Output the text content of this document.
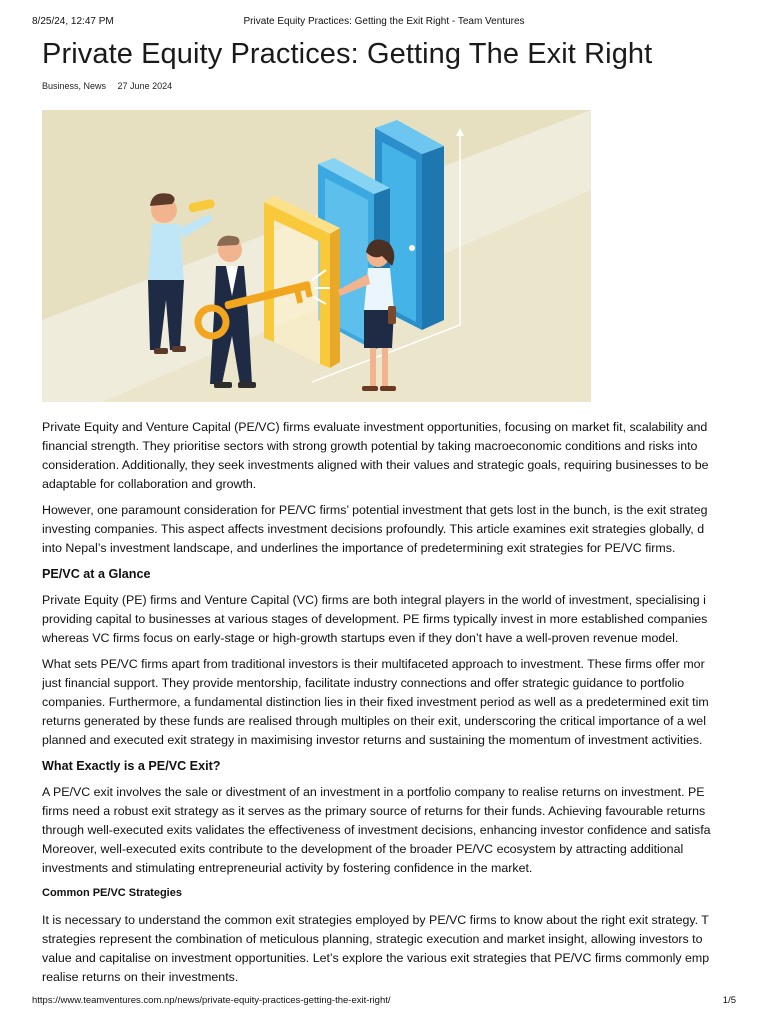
8/25/24, 12:47 PM	Private Equity Practices: Getting the Exit Right - Team Ventures
Private Equity Practices: Getting The Exit Right
Business, News 27 June 2024

Private Equity and Venture Capital (PE/VC) firms evaluate investment opportunities, focusing on market fit, scalability and
financial strength. They prioritise sectors with strong growth potential by taking macroeconomic conditions and risks into
consideration. Additionally, they seek investments aligned with their values and strategic goals, requiring businesses to be
adaptable for collaboration and growth.

However, one paramount consideration for PE/VC firms’ potential investment that gets lost in the bunch, is the exit strateg
investing companies. This aspect affects investment decisions profoundly. This article examines exit strategies globally, d
into Nepal’s investment landscape, and underlines the importance of predetermining exit strategies for PE/VC firms.

PE/VC at a Glance

Private Equity (PE) firms and Venture Capital (VC) firms are both integral players in the world of investment, specialising i
providing capital to businesses at various stages of development. PE firms typically invest in more established companies
whereas VC firms focus on early-stage or high-growth startups even if they don’t have a well-proven revenue model.

What sets PE/VC firms apart from traditional investors is their multifaceted approach to investment. These firms offer mor
just financial support. They provide mentorship, facilitate industry connections and offer strategic guidance to portfolio
companies. Furthermore, a fundamental distinction lies in their fixed investment period as well as a predetermined exit tim
returns generated by these funds are realised through multiples on their exit, underscoring the critical importance of a wel
planned and executed exit strategy in maximising investor returns and sustaining the momentum of investment activities.

What Exactly is a PE/VC Exit?

A PE/VC exit involves the sale or divestment of an investment in a portfolio company to realise returns on investment. PE
firms need a robust exit strategy as it serves as the primary source of returns for their funds. Achieving favourable returns
through well-executed exits validates the effectiveness of investment decisions, enhancing investor confidence and satisfa
Moreover, well-executed exits contribute to the development of the broader PE/VC ecosystem by attracting additional
investments and stimulating entrepreneurial activity by fostering confidence in the market.

Common PE/VC Strategies

It is necessary to understand the common exit strategies employed by PE/VC firms to know about the right exit strategy. T
strategies represent the combination of meticulous planning, strategic execution and market insight, allowing investors to
value and capitalise on investment opportunities. Let’s explore the various exit strategies that PE/VC firms commonly emp
realise returns on their investments.

https://www.teamventures.com.np/news/private-equity-practices-getting-the-exit-right/	1/5
